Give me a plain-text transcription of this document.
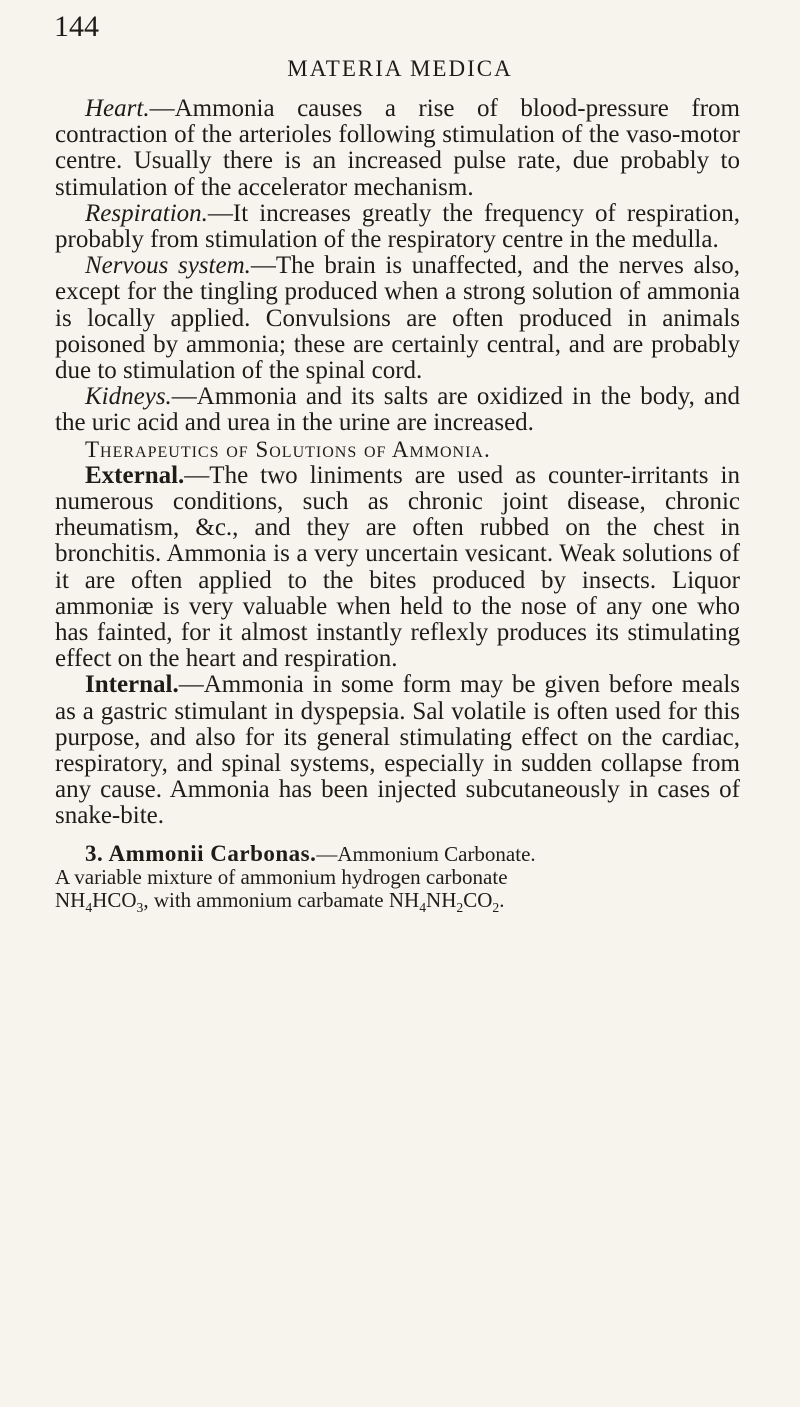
144
MATERIA MEDICA

Heart.—Ammonia causes a rise of blood-pressure from contraction of the arterioles following stimulation of the vaso-motor centre. Usually there is an increased pulse rate, due probably to stimulation of the accelerator mechanism.

Respiration.—It increases greatly the frequency of respiration, probably from stimulation of the respiratory centre in the medulla.

Nervous system.—The brain is unaffected, and the nerves also, except for the tingling produced when a strong solution of ammonia is locally applied. Convulsions are often produced in animals poisoned by ammonia; these are certainly central, and are probably due to stimulation of the spinal cord.

Kidneys.—Ammonia and its salts are oxidized in the body, and the uric acid and urea in the urine are increased.

Therapeutics of Solutions of Ammonia.

External.—The two liniments are used as counter-irritants in numerous conditions, such as chronic joint disease, chronic rheumatism, &c., and they are often rubbed on the chest in bronchitis. Ammonia is a very uncertain vesicant. Weak solutions of it are often applied to the bites produced by insects. Liquor ammoniæ is very valuable when held to the nose of any one who has fainted, for it almost instantly reflexly produces its stimulating effect on the heart and respiration.

Internal.—Ammonia in some form may be given before meals as a gastric stimulant in dyspepsia. Sal volatile is often used for this purpose, and also for its general stimulating effect on the cardiac, respiratory, and spinal systems, especially in sudden collapse from any cause. Ammonia has been injected subcutaneously in cases of snake-bite.

3. Ammonii Carbonas.—Ammonium Carbonate.

A variable mixture of ammonium hydrogen carbonate
$NH_4HCO_3$, with ammonium carbamate $NH_4NH_2CO_2$.
